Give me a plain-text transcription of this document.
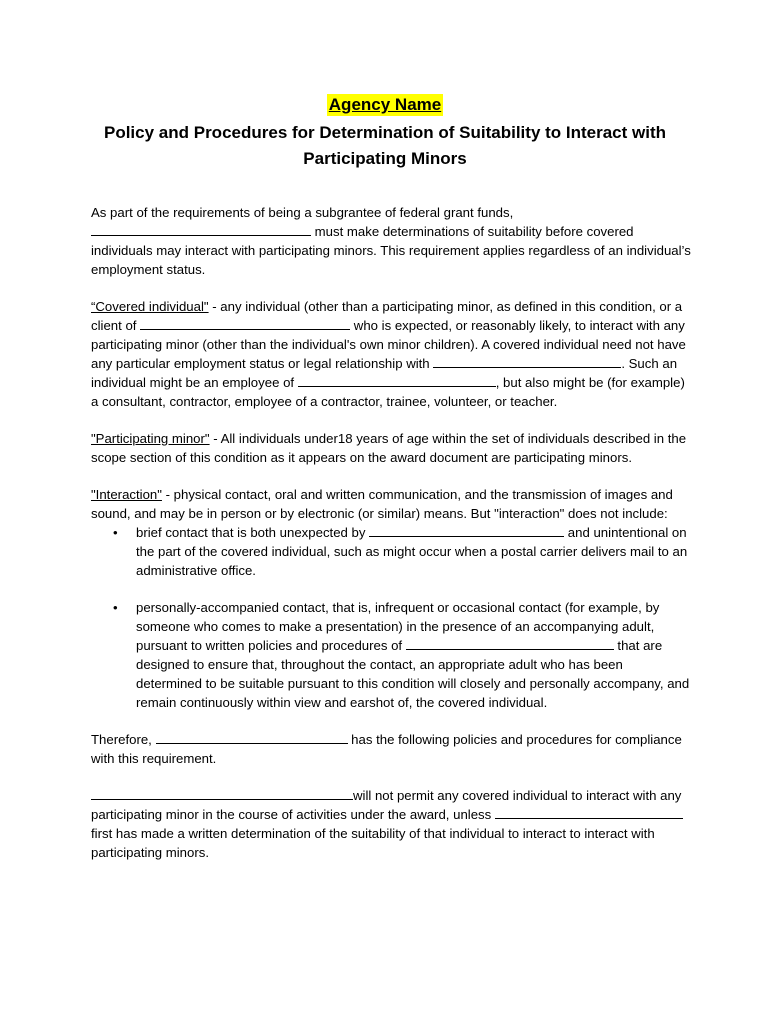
Agency Name
Policy and Procedures for Determination of Suitability to Interact with Participating Minors

As part of the requirements of being a subgrantee of federal grant funds,
must make determinations of suitability before covered individuals may interact with participating minors. This requirement applies regardless of an individual’s employment status.

“Covered individual" - any individual (other than a participating minor, as defined in this condition, or a client of	who is expected, or reasonably likely, to interact with any participating minor (other than the individual's own minor children). A covered individual need not have any particular employment status or legal relationship with	. Such an individual might be an employee of	, but also might be (for example) a consultant, contractor, employee of a contractor, trainee, volunteer, or teacher.

"Participating minor" - All individuals under18 years of age within the set of individuals described in the scope section of this condition as it appears on the award document are participating minors.

"Interaction" - physical contact, oral and written communication, and the transmission of images and sound, and may be in person or by electronic (or similar) means. But "interaction" does not include:

• brief contact that is both unexpected by	and unintentional on the part of the covered individual, such as might occur when a postal carrier delivers mail to an administrative office.
• personally-accompanied contact, that is, infrequent or occasional contact (for example, by someone who comes to make a presentation) in the presence of an accompanying adult, pursuant to written policies and procedures of	that are designed to ensure that, throughout the contact, an appropriate adult who has been determined to be suitable pursuant to this condition will closely and personally accompany, and remain continuously within view and earshot of, the covered individual.

Therefore,	has the following policies and procedures for compliance with this requirement.

will not permit any covered individual to interact with any participating minor in the course of activities under the award, unless first has made a written determination of the suitability of that individual to interact to interact with participating minors.
